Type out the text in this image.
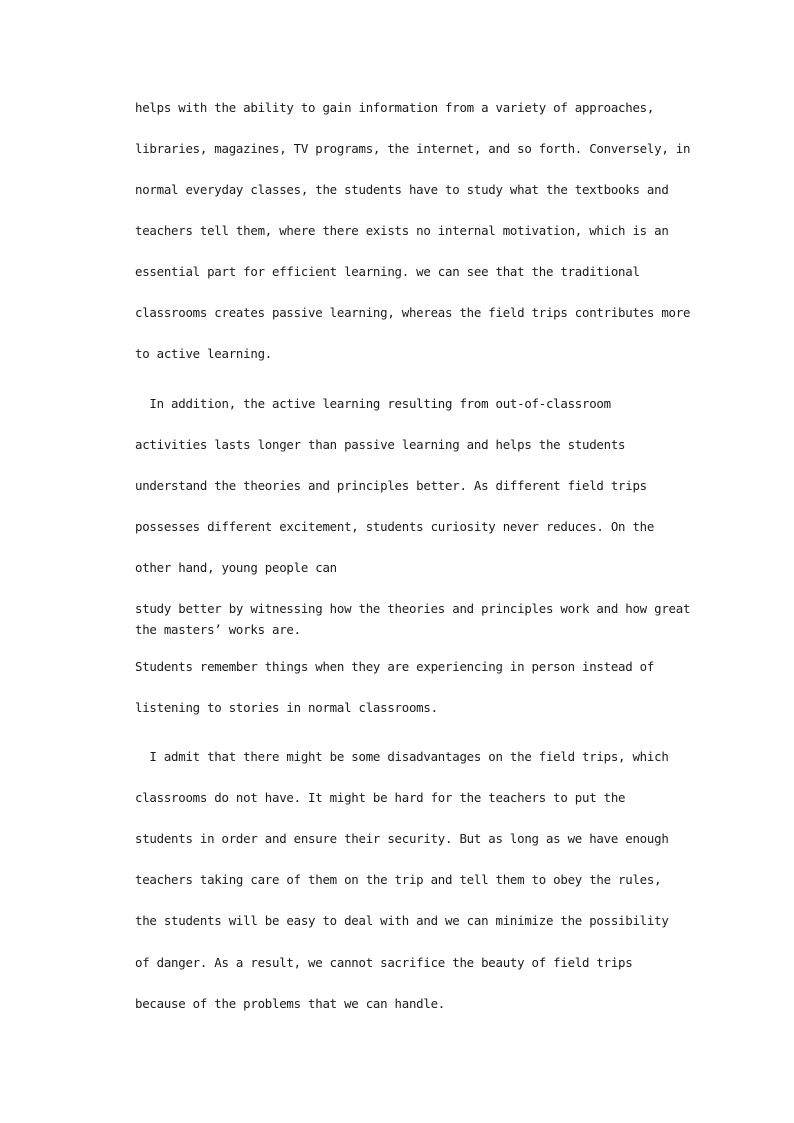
helps with the ability to gain information from a variety of approaches,
libraries, magazines, TV programs, the internet, and so forth. Conversely, in
normal everyday classes, the students have to study what the textbooks and
teachers tell them, where there exists no internal motivation, which is an
essential part for efficient learning. we can see that the traditional
classrooms creates passive learning, whereas the field trips contributes more
to active learning.
In addition, the active learning resulting from out-of-classroom
activities lasts longer than passive learning and helps the students
understand the theories and principles better. As different field trips
possesses different excitement, students curiosity never reduces. On the
other hand, young people can
study better by witnessing how the theories and principles work and how great
the masters’ works are.
Students remember things when they are experiencing in person instead of
listening to stories in normal classrooms.
I admit that there might be some disadvantages on the field trips, which
classrooms do not have. It might be hard for the teachers to put the
students in order and ensure their security. But as long as we have enough
teachers taking care of them on the trip and tell them to obey the rules,
the students will be easy to deal with and we can minimize the possibility
of danger. As a result, we cannot sacrifice the beauty of field trips
because of the problems that we can handle.
